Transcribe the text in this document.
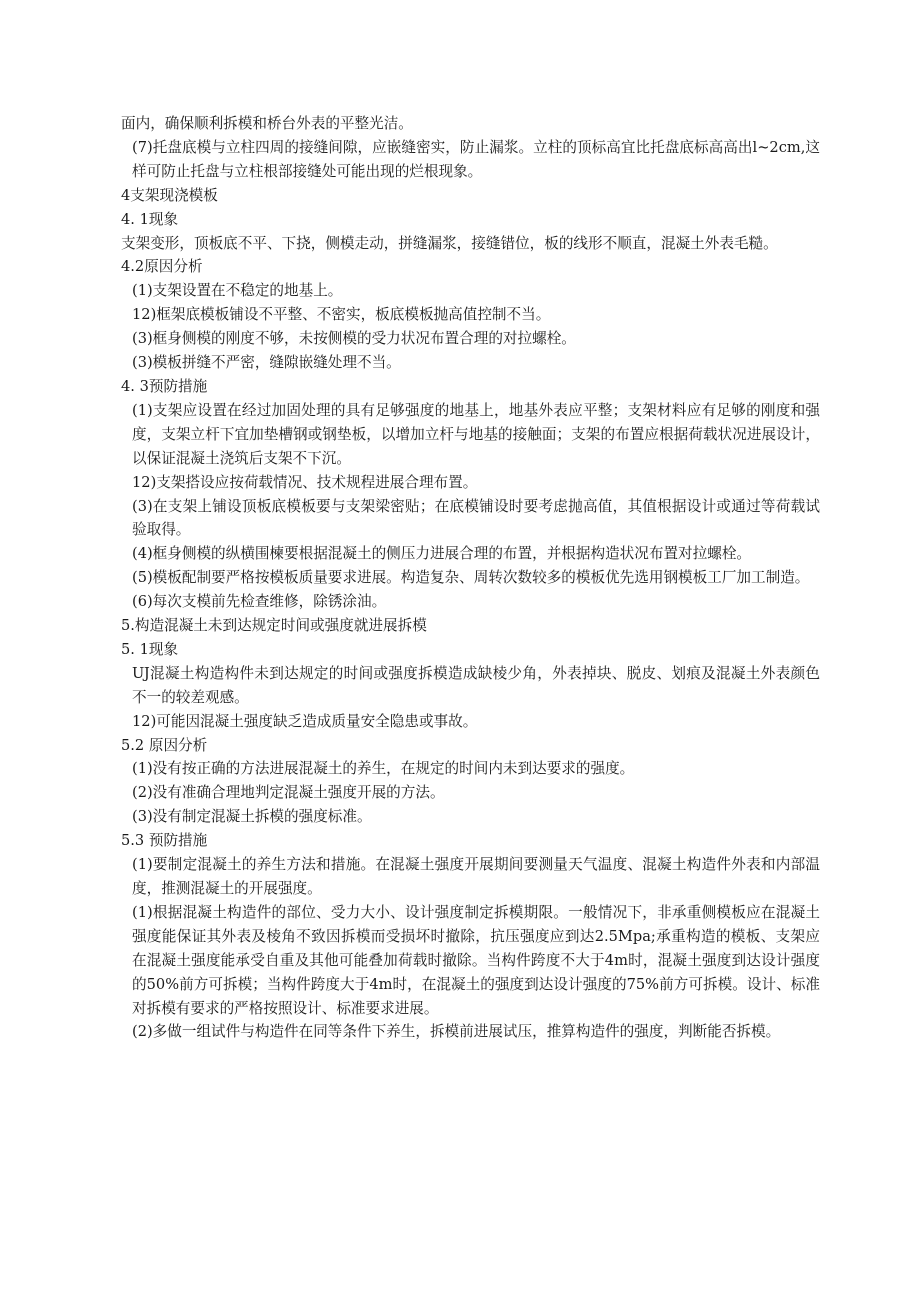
面内，确保顺利拆模和桥台外表的平整光洁。

(7)托盘底模与立柱四周的接缝间隙，应嵌缝密实，防止漏浆。立柱的顶标高宜比托盘底标高高出l~2cm,这样可防止托盘与立柱根部接缝处可能出现的烂根现象。

4支架现浇模板

4. 1现象

支架变形，顶板底不平、下挠，侧模走动，拼缝漏浆，接缝错位，板的线形不顺直，混凝土外表毛糙。

4.2原因分析

(1)支架设置在不稳定的地基上。

12)框架底模板铺设不平整、不密实，板底模板抛高值控制不当。

(3)框身侧模的刚度不够，未按侧模的受力状况布置合理的对拉螺栓。

(3)模板拼缝不严密，缝隙嵌缝处理不当。

4. 3预防措施

(1)支架应设置在经过加固处理的具有足够强度的地基上，地基外表应平整；支架材料应有足够的刚度和强度，支架立杆下宜加垫槽钢或钢垫板，以增加立杆与地基的接触面；支架的布置应根据荷载状况进展设计，以保证混凝土浇筑后支架不下沉。

12)支架搭设应按荷载情况、技术规程进展合理布置。

(3)在支架上铺设顶板底模板要与支架梁密贴；在底模铺设时要考虑抛高值，其值根据设计或通过等荷载试验取得。

(4)框身侧模的纵横围楝要根据混凝土的侧压力进展合理的布置，并根据构造状况布置对拉螺栓。

(5)模板配制要严格按模板质量要求进展。构造复杂、周转次数较多的模板优先选用钢模板工厂加工制造。

(6)每次支模前先检查维修，除锈涂油。

5.构造混凝土未到达规定时间或强度就进展拆模

5. 1现象

UJ混凝土构造构件未到达规定的时间或强度拆模造成缺棱少角，外表掉块、脱皮、划痕及混凝土外表颜色不一的较差观感。

12)可能因混凝土强度缺乏造成质量安全隐患或事故。

5.2 原因分析

(1)没有按正确的方法进展混凝土的养生，在规定的时间内未到达要求的强度。

(2)没有准确合理地判定混凝土强度开展的方法。

(3)没有制定混凝土拆模的强度标准。

5.3 预防措施

(1)要制定混凝土的养生方法和措施。在混凝土强度开展期间要测量天气温度、混凝土构造件外表和内部温度，推测混凝土的开展强度。

(1)根据混凝土构造件的部位、受力大小、设计强度制定拆模期限。一般情况下，非承重侧模板应在混凝土强度能保证其外表及棱角不致因拆模而受损坏时撤除，抗压强度应到达2.5Mpa;承重构造的模板、支架应在混凝土强度能承受自重及其他可能叠加荷载时撤除。当构件跨度不大于4m时，混凝土强度到达设计强度的50%前方可拆模；当构件跨度大于4m时，在混凝土的强度到达设计强度的75%前方可拆模。设计、标准对拆模有要求的严格按照设计、标准要求进展。

(2)多做一组试件与构造件在同等条件下养生，拆模前进展试压，推算构造件的强度，判断能否拆模。
